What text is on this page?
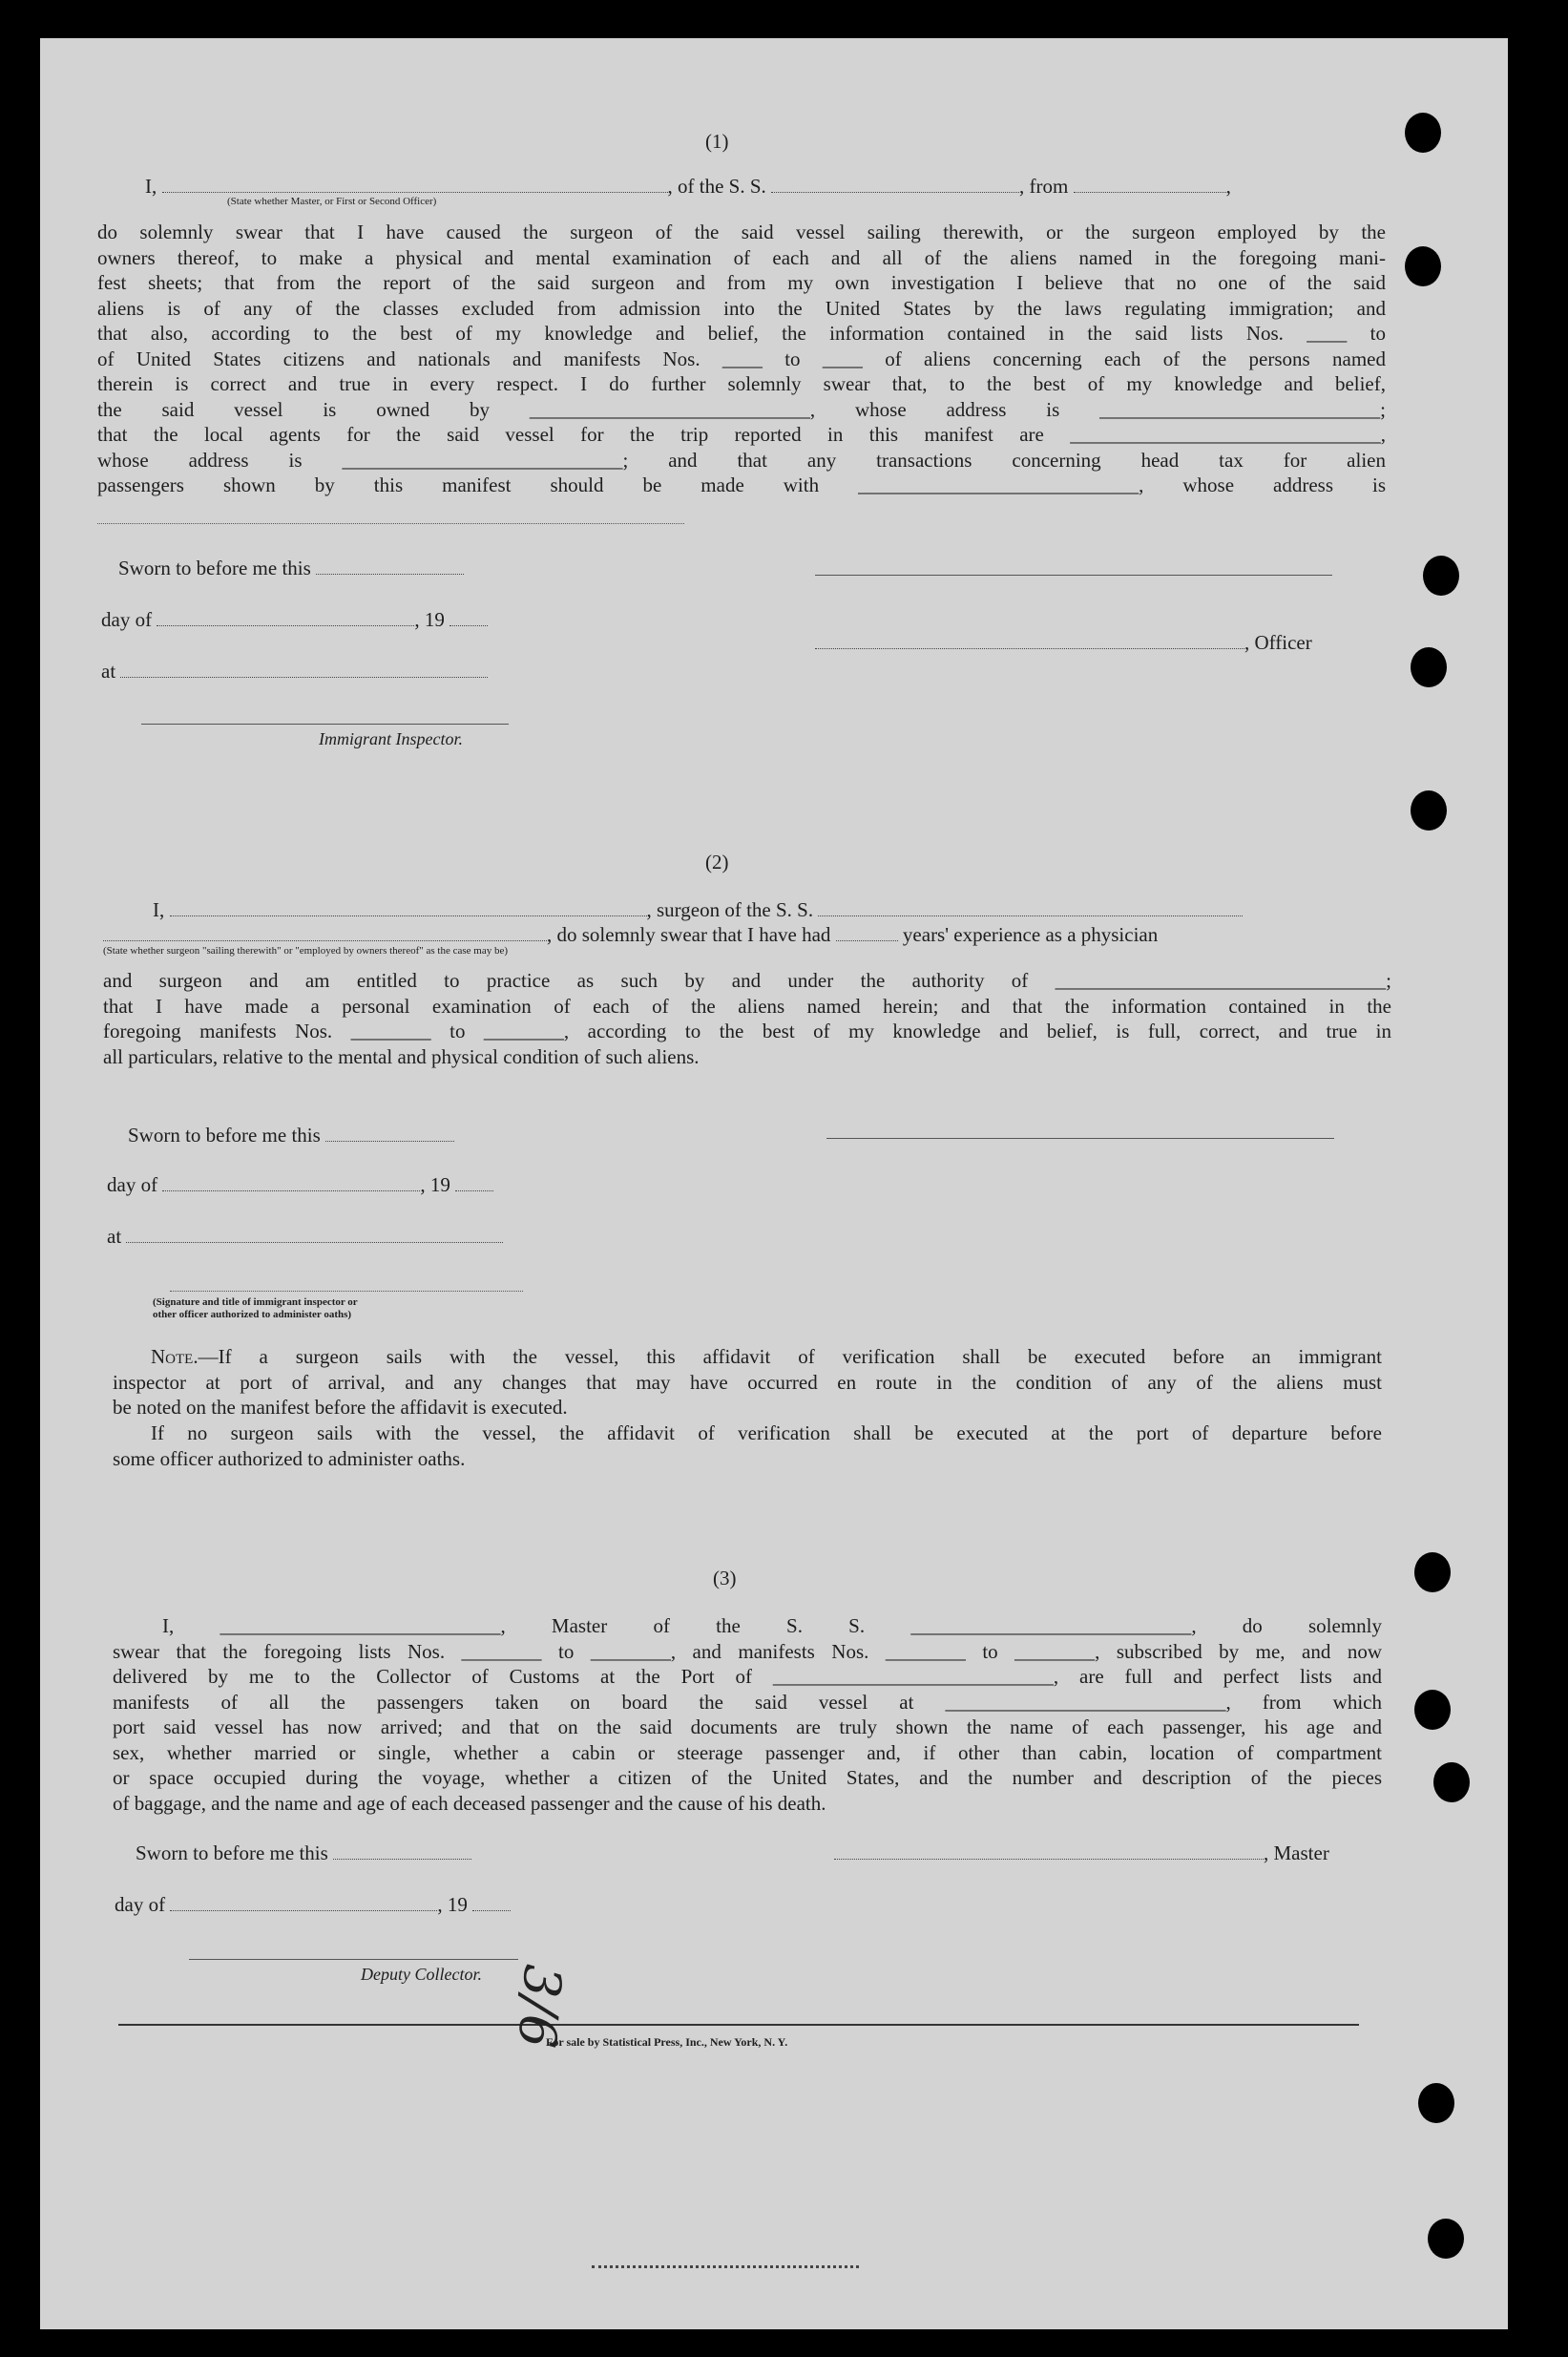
(1)
I,	, of the S. S.	, from	,
(State whether Master, or First or Second Officer)
do solemnly swear that I have caused the surgeon of the said vessel sailing therewith, or the surgeon employed by the
owners thereof, to make a physical and mental examination of each and all of the aliens named in the foregoing mani-
fest sheets; that from the report of the said surgeon and from my own investigation I believe that no one of the said
aliens is of any of the classes excluded from admission into the United States by the laws regulating immigration; and
that also, according to the best of my knowledge and belief, the information contained in the said lists Nos. ____ to
of United States citizens and nationals and manifests Nos. ____ to ____ of aliens concerning each of the persons named
therein is correct and true in every respect. I do further solemnly swear that, to the best of my knowledge and belief,
the said vessel is owned by ____________________________, whose address is ____________________________;
that the local agents for the said vessel for the trip reported in this manifest are _______________________________,
whose address is ____________________________; and that any transactions concerning head tax for alien
passengers shown by this manifest should be made with ____________________________, whose address is
Sworn to before me this
day of	, 19
, Officer
at
Immigrant Inspector.
(2)
I,	, surgeon of the S. S.
, do solemnly swear that I have had	years' experience as a physician
(State whether surgeon "sailing therewith" or "employed by owners thereof" as the case may be)
and surgeon and am entitled to practice as such by and under the authority of _________________________________;
that I have made a personal examination of each of the aliens named herein; and that the information contained in the
foregoing manifests Nos. ________ to ________, according to the best of my knowledge and belief, is full, correct, and true in
all particulars, relative to the mental and physical condition of such aliens.
Sworn to before me this
day of	, 19
at
(Signature and title of immigrant inspector or
other officer authorized to administer oaths)
Note.—If a surgeon sails with the vessel, this affidavit of verification shall be executed before an immigrant
inspector at port of arrival, and any changes that may have occurred en route in the condition of any of the aliens must
be noted on the manifest before the affidavit is executed.
If no surgeon sails with the vessel, the affidavit of verification shall be executed at the port of departure before
some officer authorized to administer oaths.
(3)
I, ____________________________, Master of the S. S. ____________________________, do solemnly
swear that the foregoing lists Nos. ________ to ________, and manifests Nos. ________ to ________, subscribed by me, and now
delivered by me to the Collector of Customs at the Port of ____________________________, are full and perfect lists and
manifests of all the passengers taken on board the said vessel at ____________________________, from which
port said vessel has now arrived; and that on the said documents are truly shown the name of each passenger, his age and
sex, whether married or single, whether a cabin or steerage passenger and, if other than cabin, location of compartment
or space occupied during the voyage, whether a citizen of the United States, and the number and description of the pieces
of baggage, and the name and age of each deceased passenger and the cause of his death.
Sworn to before me this	, Master
day of	, 19
Deputy Collector.
For sale by Statistical Press, Inc., New York, N. Y.
3/6
